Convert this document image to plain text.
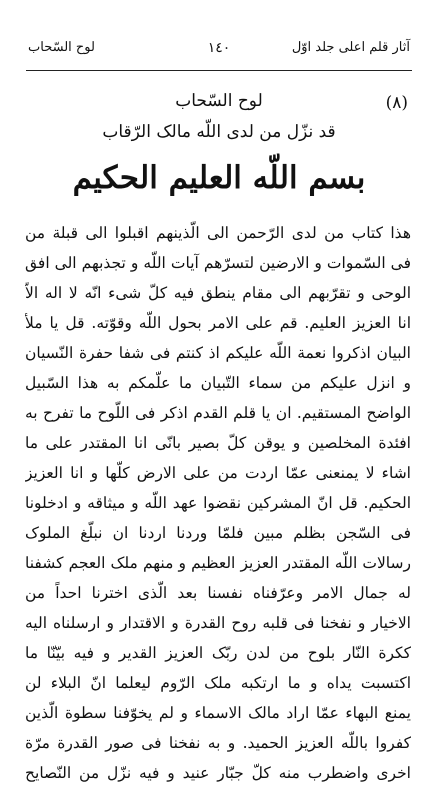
آثار قلم اعلی جلد اوّل
١٤٠
لوح السّحاب
(٨)
لوح السّحاب
قد نزّل من لدی اللّه مالک الرّقاب
بسم اللّه العلیم الحکیم
هذا کتاب من لدی الرّحمن الی الّذینهم اقبلوا الی قبلة من
فی السّموات و الارضین لتسرّهم آیات اللّه و تجذبهم الی افق
الوحی و تقرّبهم الی مقام ینطق فیه کلّ شیء انّه لا اله الاّ
انا العزیز العلیم. قم علی الامر بحول اللّه وقوّته. قل یا ملأ
البیان اذکروا نعمة اللّه علیکم اذ کنتم فی شفا حفرة النّسیان
و انزل علیکم من سماء التّبیان ما علّمکم به هذا السّبیل
الواضح المستقیم. ان یا قلم القدم اذکر فی اللّوح ما تفرح به
افئدة المخلصین و یوقن کلّ بصیر بانّی انا المقتدر علی ما
اشاء لا یمنعنی عمّا اردت من علی الارض کلّها و انا العزیز
الحکیم. قل انّ المشرکین نقضوا عهد اللّه و میثاقه و ادخلونا
فی السّجن بظلم مبین فلمّا وردنا اردنا ان نبلّغ الملوک
رسالات اللّه المقتدر العزیز العظیم و منهم ملک العجم کشفنا
له جمال الامر وعرّفناه نفسنا بعد الّذی اخترنا احداً من
الاخیار و نفخنا فی قلبه روح القدرة و الاقتدار و ارسلناه الیه
ککرة النّار بلوح من لدن ربّک العزیز القدیر و فیه بیّنّا ما
اکتسبت یداه و ما ارتکبه ملک الرّوم لیعلما انّ البلاء لن
یمنع البهاء عمّا اراد مالک الاسماء و لم یخوّفنا سطوة الّذین
کفروا باللّه العزیز الحمید. و به نفخنا فی صور القدرة مرّة
اخری واضطرب منه کلّ جبّار عنید و فیه نزّل من النّصایح
